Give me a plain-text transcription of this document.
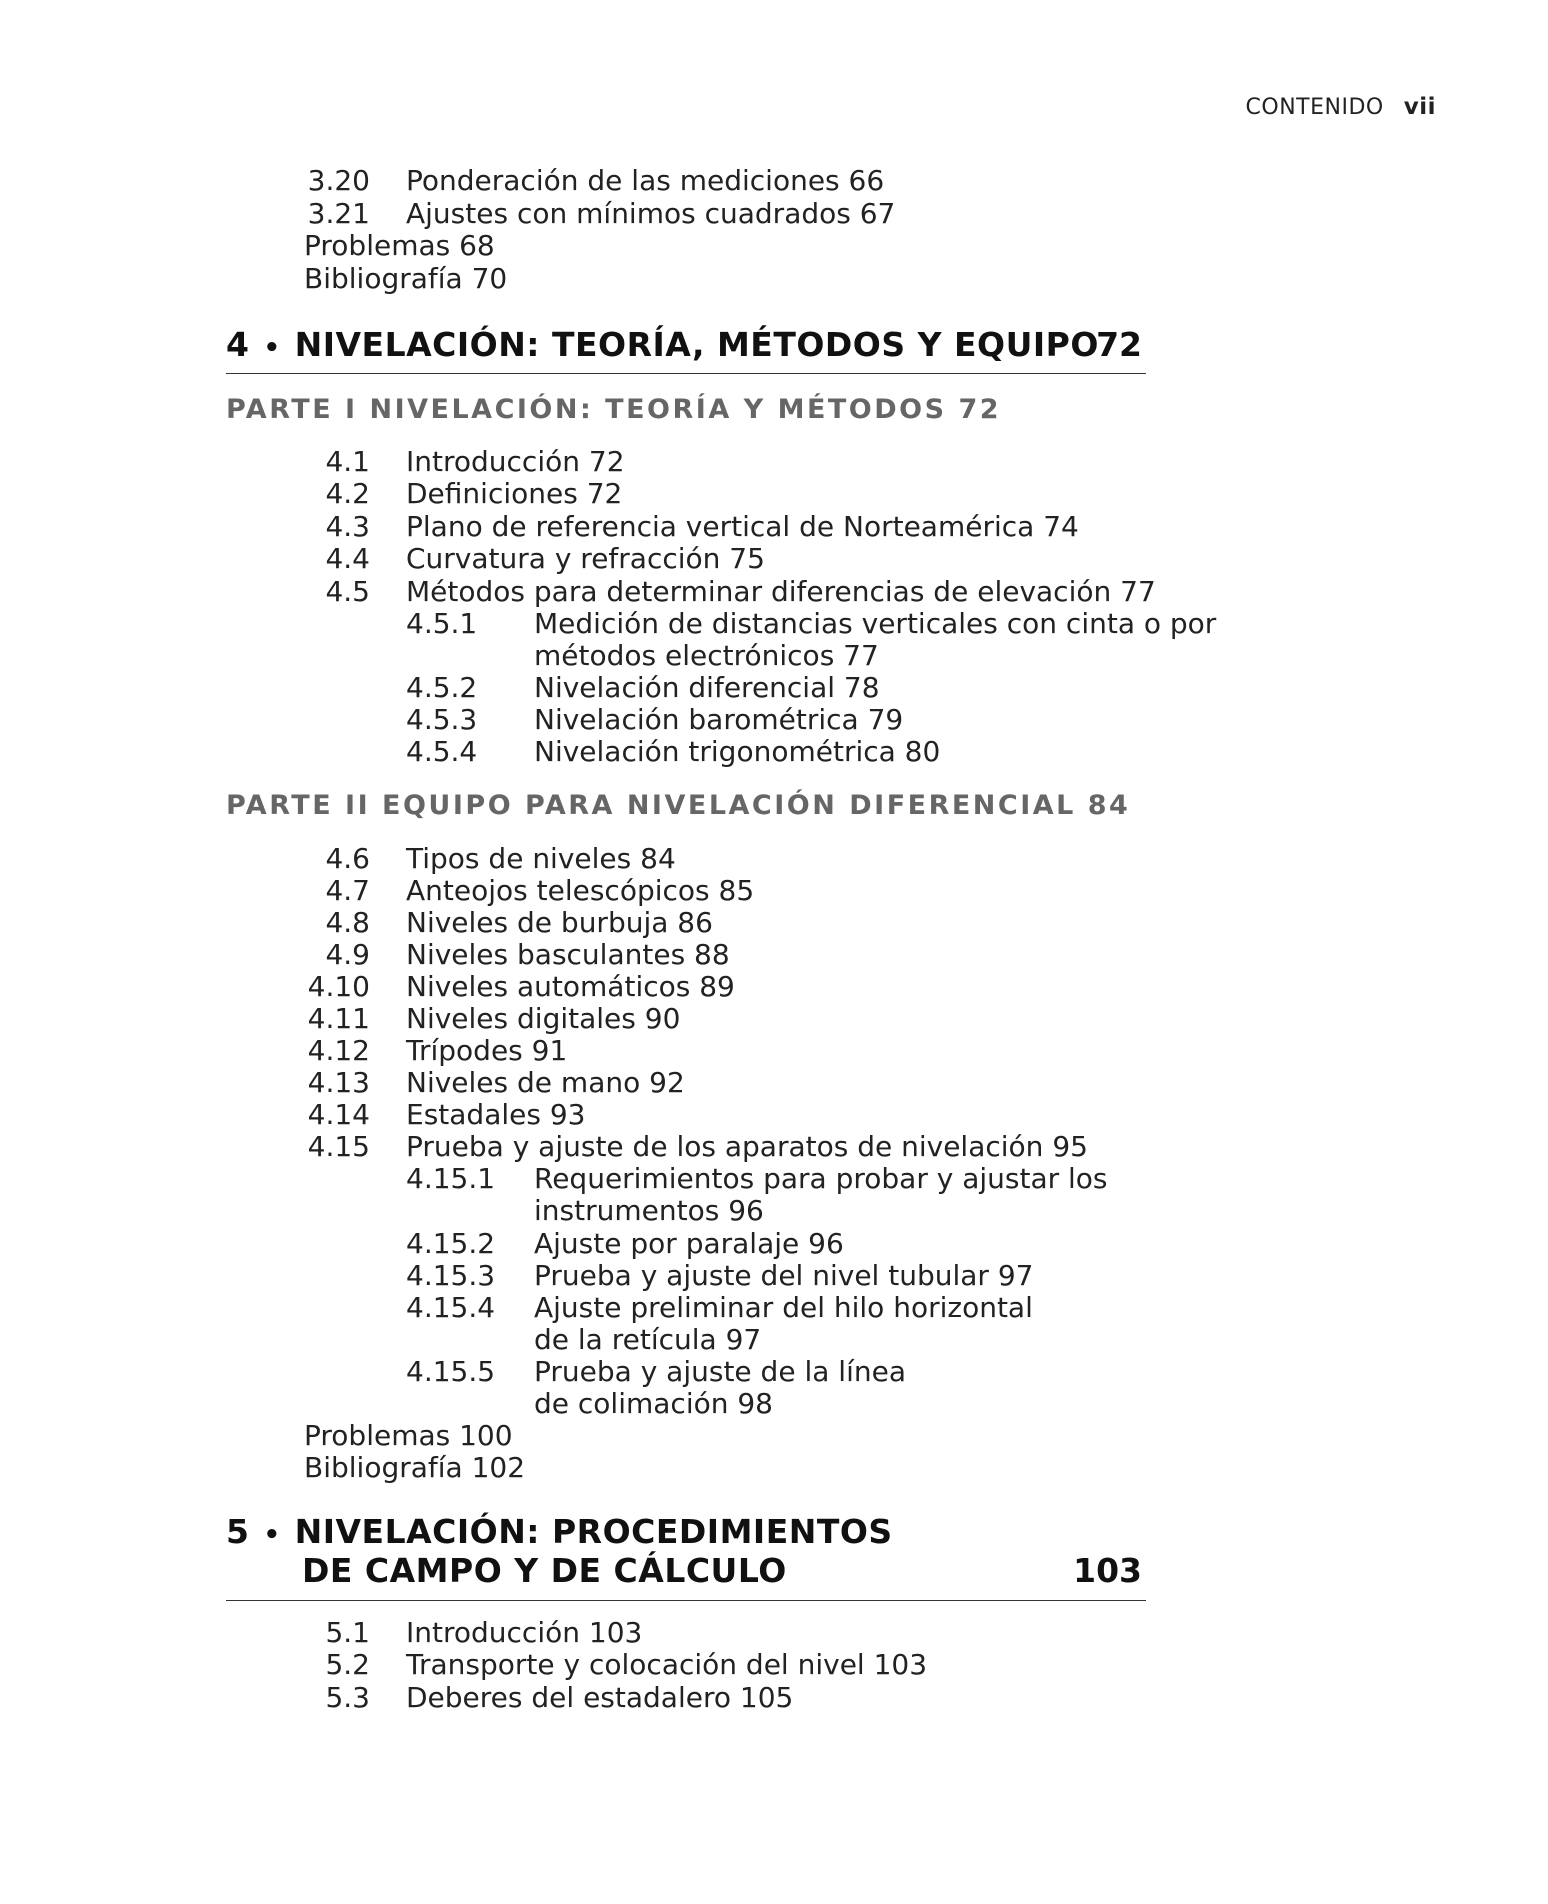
CONTENIDO vii
3.20 Ponderación de las mediciones 66
3.21 Ajustes con mínimos cuadrados 67
Problemas 68
Bibliografía 70
4 • NIVELACIÓN: TEORÍA, MÉTODOS Y EQUIPO
72
PARTE I NIVELACIÓN: TEORÍA Y MÉTODOS 72
4.1 Introducción 72
4.2 Definiciones 72
4.3 Plano de referencia vertical de Norteamérica 74
4.4 Curvatura y refracción 75
4.5 Métodos para determinar diferencias de elevación 77
4.5.1 Medición de distancias verticales con cinta o por
métodos electrónicos 77
4.5.2 Nivelación diferencial 78
4.5.3 Nivelación barométrica 79
4.5.4 Nivelación trigonométrica 80
PARTE II EQUIPO PARA NIVELACIÓN DIFERENCIAL 84
4.6 Tipos de niveles 84
4.7 Anteojos telescópicos 85
4.8 Niveles de burbuja 86
4.9 Niveles basculantes 88
4.10 Niveles automáticos 89
4.11 Niveles digitales 90
4.12 Trípodes 91
4.13 Niveles de mano 92
4.14 Estadales 93
4.15 Prueba y ajuste de los aparatos de nivelación 95
4.15.1 Requerimientos para probar y ajustar los
instrumentos 96
4.15.2 Ajuste por paralaje 96
4.15.3 Prueba y ajuste del nivel tubular 97
4.15.4 Ajuste preliminar del hilo horizontal
de la retícula 97
4.15.5 Prueba y ajuste de la línea
de colimación 98
Problemas 100
Bibliografía 102
5 • NIVELACIÓN: PROCEDIMIENTOS
DE CAMPO Y DE CÁLCULO	103
5.1 Introducción 103
5.2 Transporte y colocación del nivel 103
5.3 Deberes del estadalero 105
